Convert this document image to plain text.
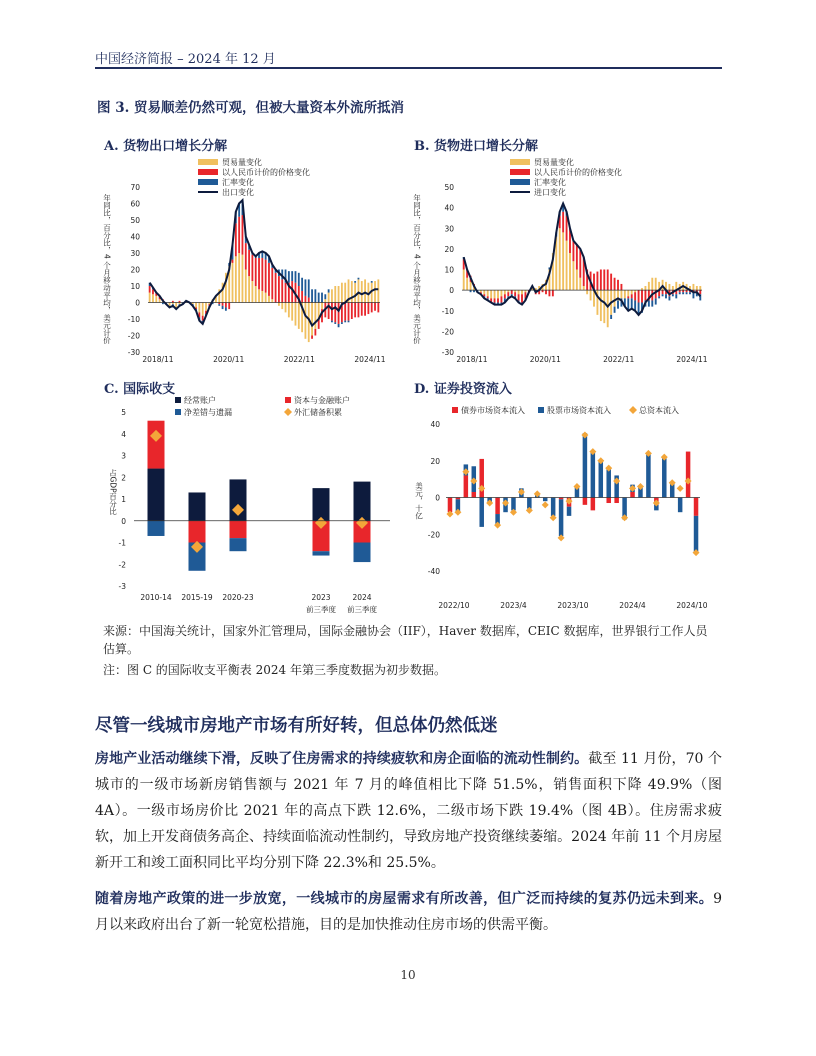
中国经济简报 – 2024 年 12 月
图 3. 贸易顺差仍然可观，但被大量资本外流所抵消
A. 货物出口增长分解
-30
-20
-10
0
10
20
30
40
50
60
70
2018/11	2020/11	2022/11	2024/11
年同比，百分比，4 个月移动平均，美元计价
贸易量变化
以人民币计价的价格变化
汇率变化
出口变化
B. 货物进口增长分解
-30
-20
-10
0
10
20
30
40
50
2018/11	2020/11	2022/11	2024/11
年同比，百分比，4 个月移动平均，美元计价
贸易量变化
以人民币计价的价格变化
汇率变化
进口变化
C. 国际收支
-3
-2
-1
0
1
2
3
4
5
2010-14 2015-19 2020-23	2023
前三季度
2024
前三季度
占GDP百分比
经常账户	资本与金融账户
净差错与遗漏	外汇储备积累
D. 证券投资流入
-40
-20
0
20
40
2022/10	2023/4	2023/10	2024/4	2024/10
美元，十亿
债券市场资本流入	股票市场资本流入	总资本流入
来源：中国海关统计，国家外汇管理局，国际金融协会（IIF），Haver 数据库，CEIC 数据库，世界银行工作人员估算。
注：图 C 的国际收支平衡表 2024 年第三季度数据为初步数据。
尽管一线城市房地产市场有所好转，但总体仍然低迷
房地产业活动继续下滑，反映了住房需求的持续疲软和房企面临的流动性制约。截至 11 月份，70 个城市的一级市场新房销售额与 2021 年 7 月的峰值相比下降 51.5%，销售面积下降 49.9%（图 4A）。一级市场房价比 2021 年的高点下跌 12.6%，二级市场下跌 19.4%（图 4B）。住房需求疲软，加上开发商债务高企、持续面临流动性制约，导致房地产投资继续萎缩。2024 年前 11 个月房屋新开工和竣工面积同比平均分别下降 22.3%和 25.5%。
随着房地产政策的进一步放宽，一线城市的房屋需求有所改善，但广泛而持续的复苏仍远未到来。9 月以来政府出台了新一轮宽松措施，目的是加快推动住房市场的供需平衡。
10
